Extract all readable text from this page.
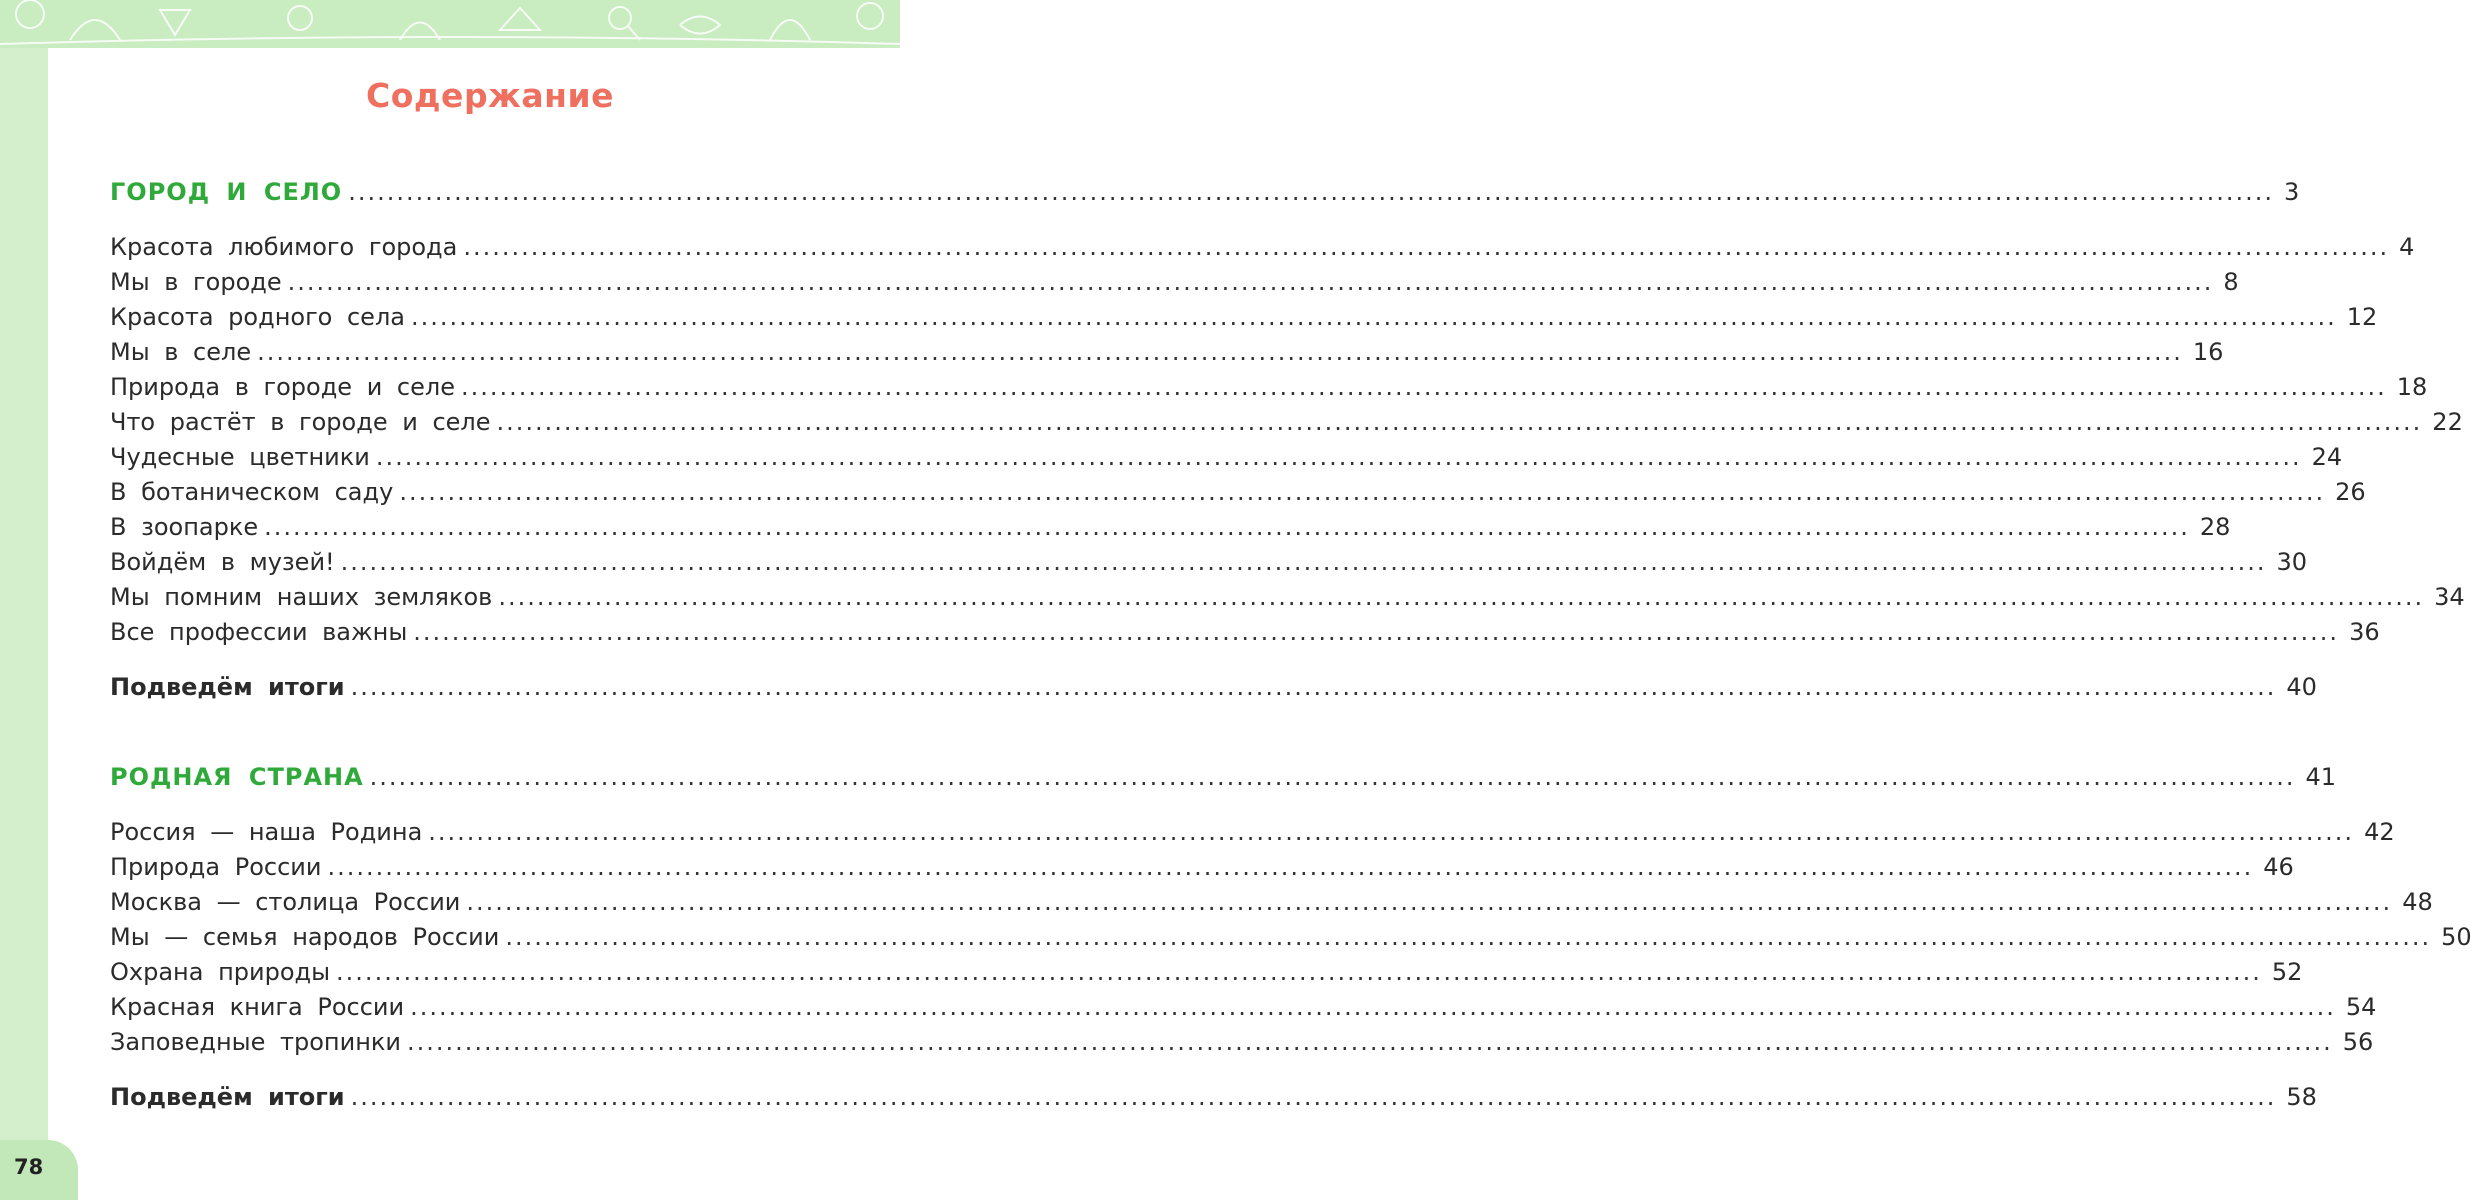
78
Содержание
ГОРОД И СЕЛО ........................................................................................................................................................................................................ 3
Красота любимого города ........................................................................................................................................................................................................ 4
Мы в городе ........................................................................................................................................................................................................ 8
Красота родного села ........................................................................................................................................................................................................ 12
Мы в селе ........................................................................................................................................................................................................ 16
Природа в городе и селе ........................................................................................................................................................................................................ 18
Что растёт в городе и селе ........................................................................................................................................................................................................ 22
Чудесные цветники ........................................................................................................................................................................................................ 24
В ботаническом саду ........................................................................................................................................................................................................ 26
В зоопарке ........................................................................................................................................................................................................ 28
Войдём в музей! ........................................................................................................................................................................................................ 30
Мы помним наших земляков ........................................................................................................................................................................................................ 34
Все профессии важны ........................................................................................................................................................................................................ 36
Подведём итоги ........................................................................................................................................................................................................ 40
РОДНАЯ СТРАНА ........................................................................................................................................................................................................ 41
Россия — наша Родина ........................................................................................................................................................................................................ 42
Природа России ........................................................................................................................................................................................................ 46
Москва — столица России ........................................................................................................................................................................................................ 48
Мы — семья народов России ........................................................................................................................................................................................................ 50
Охрана природы ........................................................................................................................................................................................................ 52
Красная книга России ........................................................................................................................................................................................................ 54
Заповедные тропинки ........................................................................................................................................................................................................ 56
Подведём итоги ........................................................................................................................................................................................................ 58
